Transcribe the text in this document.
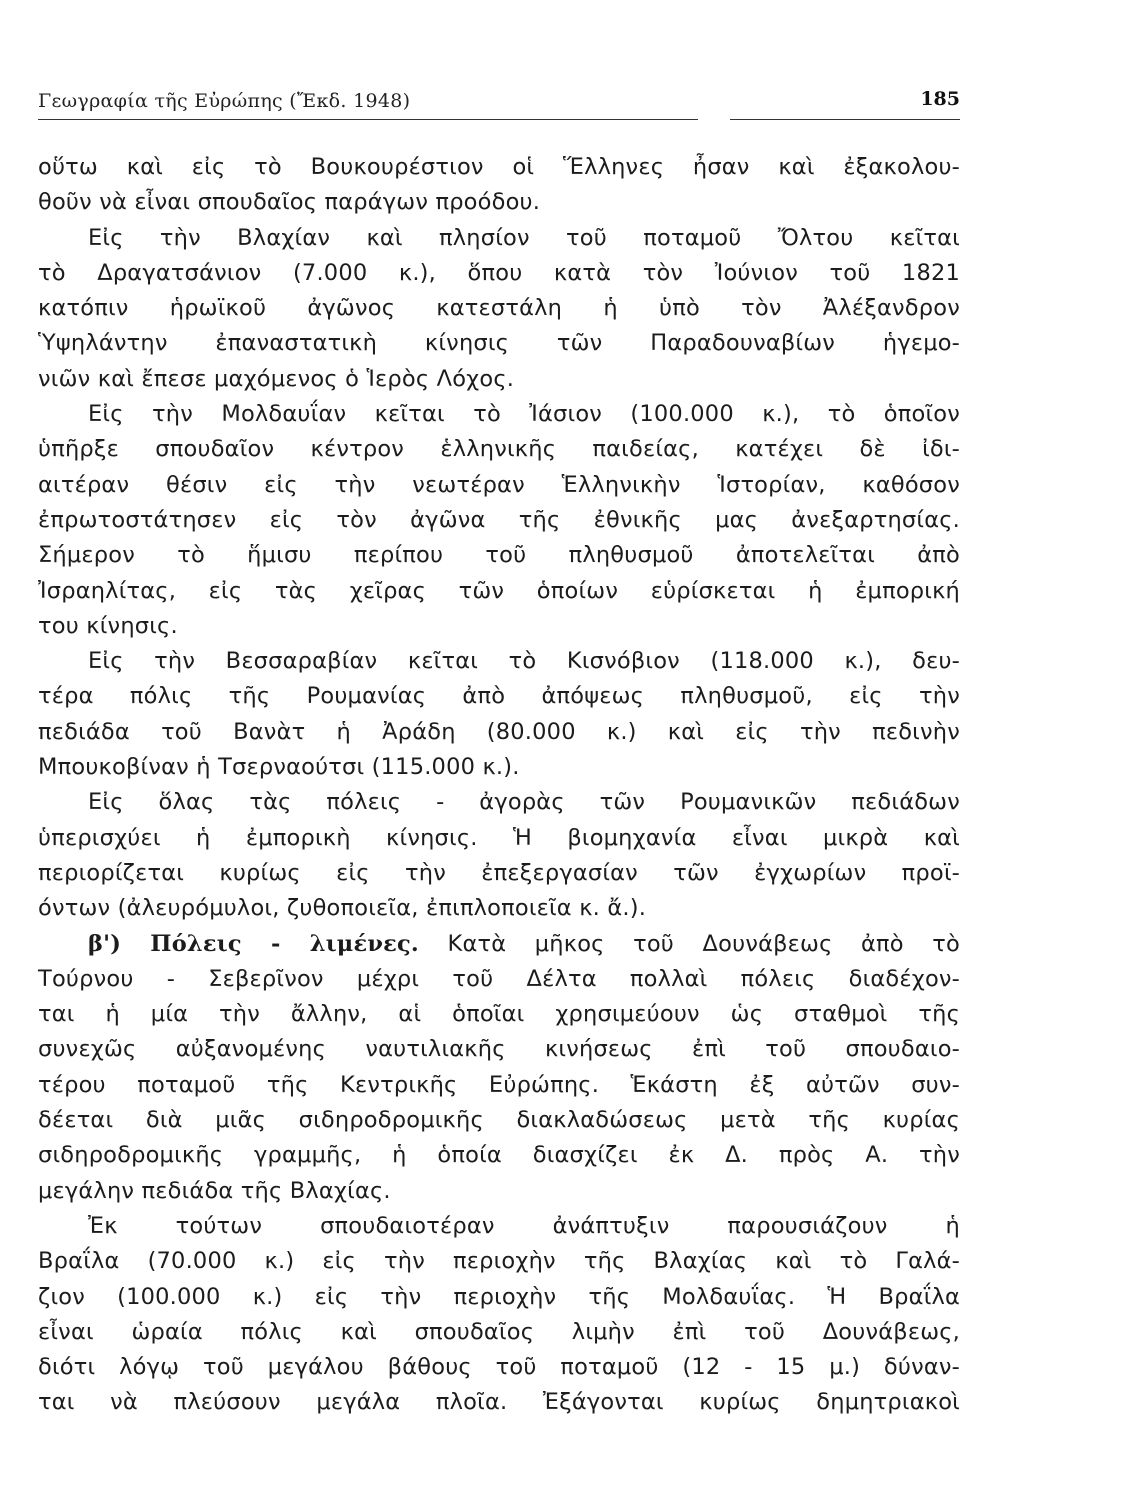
Γεωγραφία τῆς Εὐρώπης (Ἔκδ. 1948)	185
οὕτω καὶ εἰς τὸ Βουκουρέστιον οἱ Ἕλληνες ἦσαν καὶ ἐξακολου-
θοῦν νὰ εἶναι σπουδαῖος παράγων προόδου.
Εἰς τὴν Βλαχίαν καὶ πλησίον τοῦ ποταμοῦ Ὄλτου κεῖται
τὸ Δραγατσάνιον (7.000 κ.), ὅπου κατὰ τὸν Ἰούνιον τοῦ 1821
κατόπιν ἡρωϊκοῦ ἀγῶνος κατεστάλη ἡ ὑπὸ τὸν Ἀλέξανδρον
Ὑψηλάντην ἐπαναστατικὴ κίνησις τῶν Παραδουναβίων ἡγεμο-
νιῶν καὶ ἔπεσε μαχόμενος ὁ Ἱερὸς Λόχος.
Εἰς τὴν Μολδαυΐαν κεῖται τὸ Ἰάσιον (100.000 κ.), τὸ ὁποῖον
ὑπῆρξε σπουδαῖον κέντρον ἑλληνικῆς παιδείας, κατέχει δὲ ἰδι-
αιτέραν θέσιν εἰς τὴν νεωτέραν Ἑλληνικὴν Ἱστορίαν, καθόσον
ἐπρωτοστάτησεν εἰς τὸν ἀγῶνα τῆς ἐθνικῆς μας ἀνεξαρτησίας.
Σήμερον τὸ ἥμισυ περίπου τοῦ πληθυσμοῦ ἀποτελεῖται ἀπὸ
Ἰσραηλίτας, εἰς τὰς χεῖρας τῶν ὁποίων εὑρίσκεται ἡ ἐμπορική
του κίνησις.
Εἰς τὴν Βεσσαραβίαν κεῖται τὸ Κισνόβιον (118.000 κ.), δευ-
τέρα πόλις τῆς Ρουμανίας ἀπὸ ἀπόψεως πληθυσμοῦ, εἰς τὴν
πεδιάδα τοῦ Βανὰτ ἡ Ἀράδη (80.000 κ.) καὶ εἰς τὴν πεδινὴν
Μπουκοβίναν ἡ Τσερναούτσι (115.000 κ.).
Εἰς ὅλας τὰς πόλεις - ἀγορὰς τῶν Ρουμανικῶν πεδιάδων
ὑπερισχύει ἡ ἐμπορικὴ κίνησις. Ἡ βιομηχανία εἶναι μικρὰ καὶ
περιορίζεται κυρίως εἰς τὴν ἐπεξεργασίαν τῶν ἐγχωρίων προϊ-
όντων (ἀλευρόμυλοι, ζυθοποιεῖα, ἐπιπλοποιεῖα κ. ἄ.).
β') Πόλεις - λιμένες. Κατὰ μῆκος τοῦ Δουνάβεως ἀπὸ τὸ
Τούρνου - Σεβερῖνον μέχρι τοῦ Δέλτα πολλαὶ πόλεις διαδέχον-
ται ἡ μία τὴν ἄλλην, αἱ ὁποῖαι χρησιμεύουν ὡς σταθμοὶ τῆς
συνεχῶς αὐξανομένης ναυτιλιακῆς κινήσεως ἐπὶ τοῦ σπουδαιο-
τέρου ποταμοῦ τῆς Κεντρικῆς Εὐρώπης. Ἑκάστη ἐξ αὐτῶν συν-
δέεται διὰ μιᾶς σιδηροδρομικῆς διακλαδώσεως μετὰ τῆς κυρίας
σιδηροδρομικῆς γραμμῆς, ἡ ὁποία διασχίζει ἐκ Δ. πρὸς Α. τὴν
μεγάλην πεδιάδα τῆς Βλαχίας.
Ἐκ τούτων σπουδαιοτέραν ἀνάπτυξιν παρουσιάζουν ἡ
Βραΐλα (70.000 κ.) εἰς τὴν περιοχὴν τῆς Βλαχίας καὶ τὸ Γαλά-
ζιον (100.000 κ.) εἰς τὴν περιοχὴν τῆς Μολδαυΐας. Ἡ Βραΐλα
εἶναι ὡραία πόλις καὶ σπουδαῖος λιμὴν ἐπὶ τοῦ Δουνάβεως,
διότι λόγῳ τοῦ μεγάλου βάθους τοῦ ποταμοῦ (12 - 15 μ.) δύναν-
ται νὰ πλεύσουν μεγάλα πλοῖα. Ἐξάγονται κυρίως δημητριακοὶ
